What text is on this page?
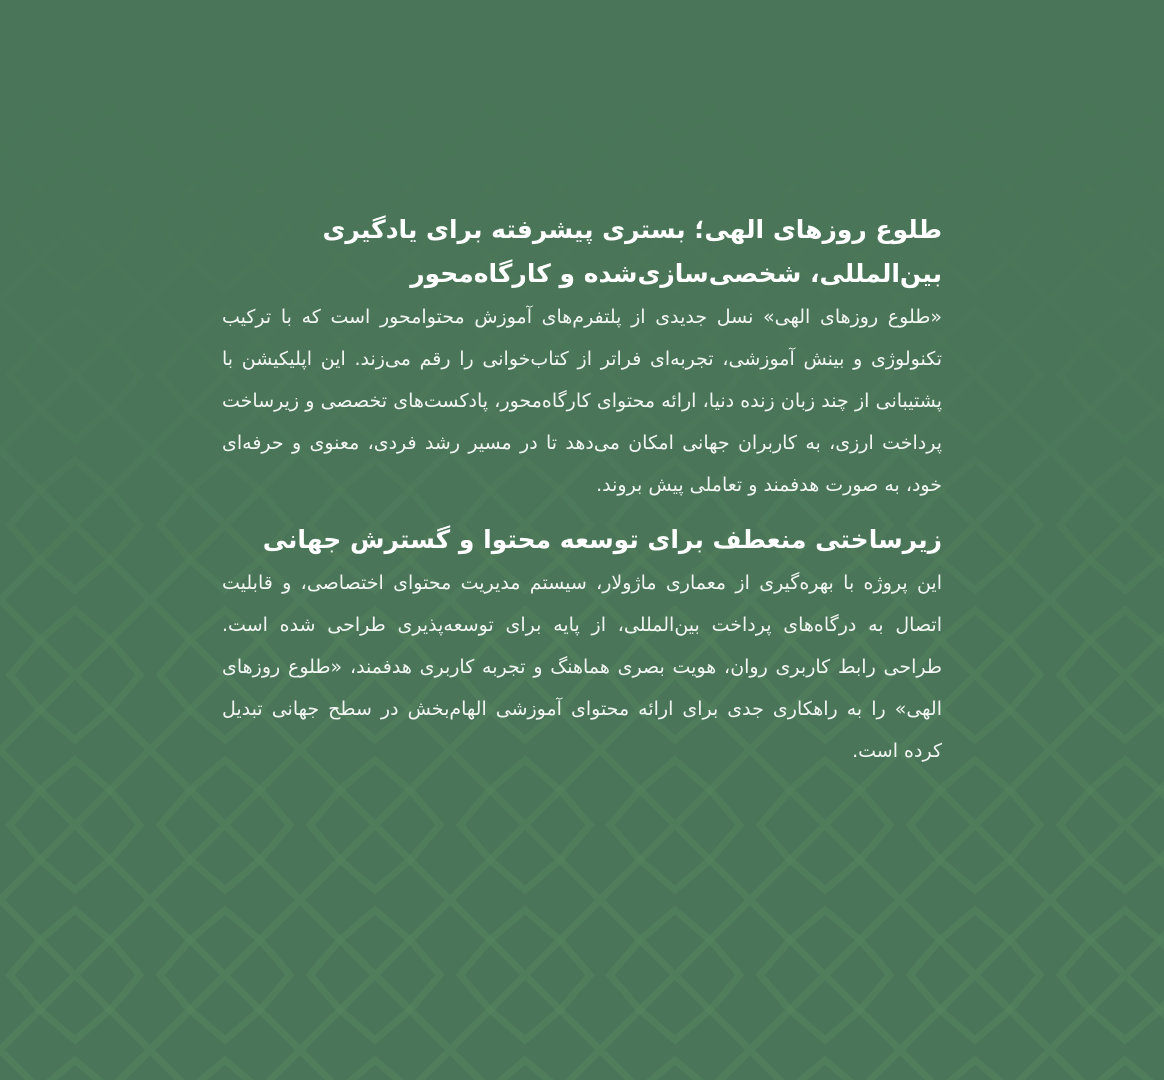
طلوع روزهای الهی؛ بستری پیشرفته برای یادگیری بین‌المللی، شخصی‌سازی‌شده و کارگاه‌محور

«طلوع روزهای الهی» نسل جدیدی از پلتفرم‌های آموزش محتوامحور است که با ترکیب تکنولوژی و بینش آموزشی، تجربه‌ای فراتر از کتاب‌خوانی را رقم می‌زند. این اپلیکیشن با پشتیبانی از چند زبان زنده دنیا، ارائه محتوای کارگاه‌محور، پادکست‌های تخصصی و زیرساخت پرداخت ارزی، به کاربران جهانی امکان می‌دهد تا در مسیر رشد فردی، معنوی و حرفه‌ای خود، به صورت هدفمند و تعاملی پیش بروند.

زیرساختی منعطف برای توسعه محتوا و گسترش جهانی

این پروژه با بهره‌گیری از معماری ماژولار، سیستم مدیریت محتوای اختصاصی، و قابلیت اتصال به درگاه‌های پرداخت بین‌المللی، از پایه برای توسعه‌پذیری طراحی شده است. طراحی رابط کاربری روان، هویت بصری هماهنگ و تجربه کاربری هدفمند، «طلوع روزهای الهی» را به راهکاری جدی برای ارائه محتوای آموزشی الهام‌بخش در سطح جهانی تبدیل کرده است.
